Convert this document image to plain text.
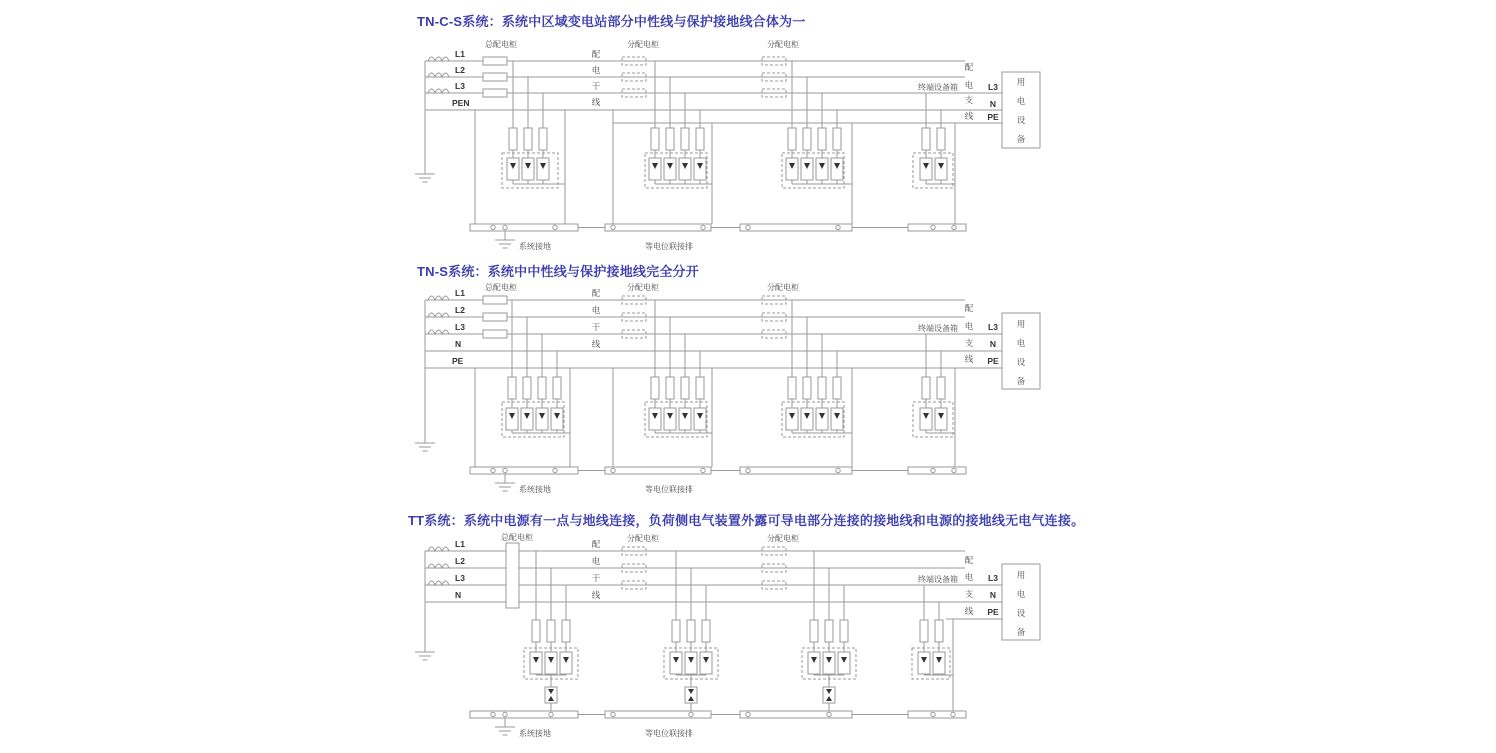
TN-C-S系统：系统中区域变电站部分中性线与保护接地线合体为一
TN-S系统：系统中中性线与保护接地线完全分开
TT系统：系统中电源有一点与地线连接，负荷侧电气装置外露可导电部分连接的接地线和电源的接地线无电气连接。
L1
L2
L3
PEN
总配电柜
配
电
干
线
分配电柜	分配电柜
终端设备箱
配
电
支
线
L3
N
PE
用
电
设
备
系统接地	等电位联接排
L1
L2
L3
N
PE
总配电柜
配
电
干
线
分配电柜	分配电柜
终端设备箱
配
电
支
线
L3
N
PE
用
电
设
备
系统接地	等电位联接排
L1
L2
L3
N
总配电柜
配
电
干
线
分配电柜	分配电柜
终端设备箱
配
电
支
线
L3
N
PE
用
电
设
备
系统接地	等电位联接排
